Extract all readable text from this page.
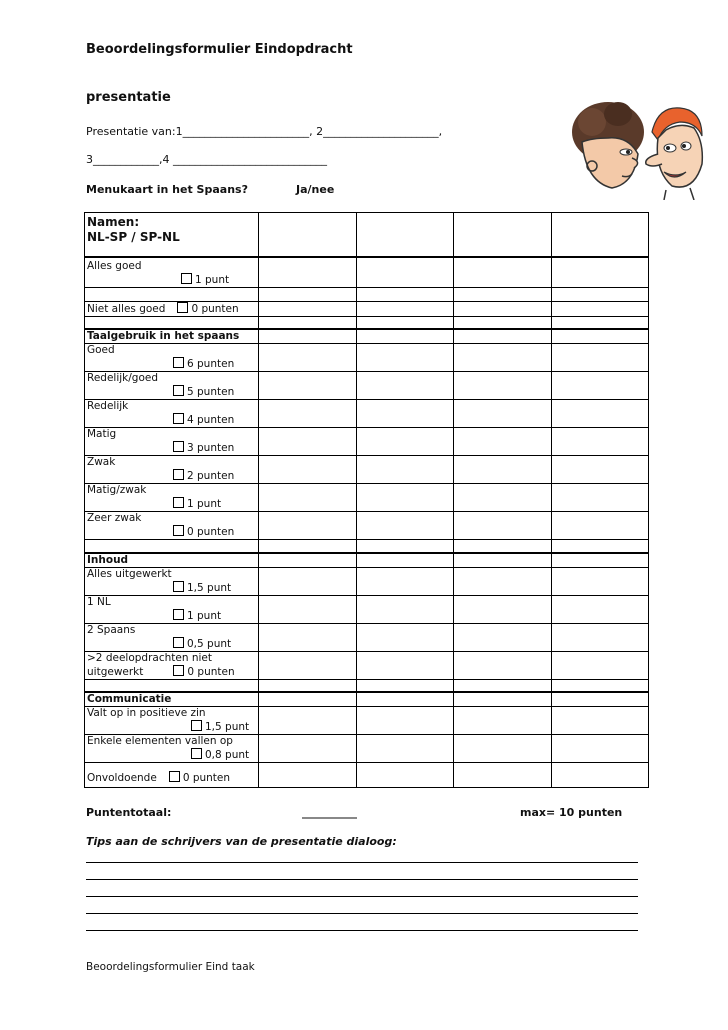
Beoordelingsformulier Eindopdracht
presentatie
Presentatie van:1_______________________, 2_____________________,
3____________,4 ____________________________
Menukaart in het Spaans?	Ja/nee
Namen:
NL-SP / SP-NL				

Alles goed
1 punt				

Niet alles goed 0 punten				

Taalgebruik in het spaans				

Goed
6 punten				

Redelijk/goed
5 punten				

Redelijk
4 punten				

Matig
3 punten				

Zwak
2 punten				

Matig/zwak
1 punt				

Zeer zwak
0 punten				

Inhoud				

Alles uitgewerkt
1,5 punt				

1 NL
1 punt				

2 Spaans
0,5 punt				

>2 deelopdrachten niet
uitgewerkt 0 punten				

Communicatie				

Valt op in positieve zin
1,5 punt				

Enkele elementen vallen op
0,8 punt				

Onvoldoende 0 punten				
Puntentotaal:	__________	max= 10 punten
Tips aan de schrijvers van de presentatie dialoog:
Beoordelingsformulier Eind taak
